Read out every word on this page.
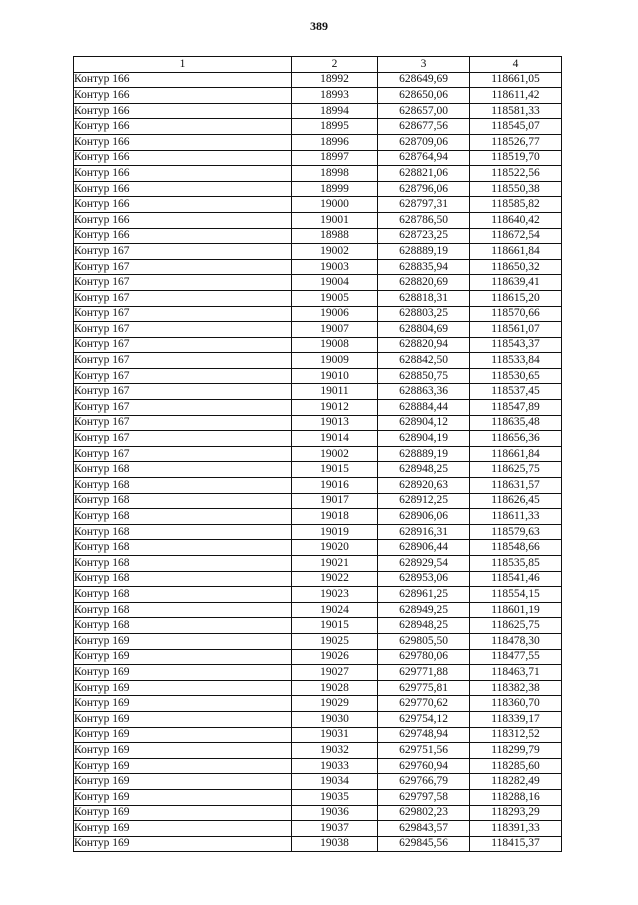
389
1	2	3	4
Контур 166	18992	628649,69	118661,05
Контур 166	18993	628650,06	118611,42
Контур 166	18994	628657,00	118581,33
Контур 166	18995	628677,56	118545,07
Контур 166	18996	628709,06	118526,77
Контур 166	18997	628764,94	118519,70
Контур 166	18998	628821,06	118522,56
Контур 166	18999	628796,06	118550,38
Контур 166	19000	628797,31	118585,82
Контур 166	19001	628786,50	118640,42
Контур 166	18988	628723,25	118672,54
Контур 167	19002	628889,19	118661,84
Контур 167	19003	628835,94	118650,32
Контур 167	19004	628820,69	118639,41
Контур 167	19005	628818,31	118615,20
Контур 167	19006	628803,25	118570,66
Контур 167	19007	628804,69	118561,07
Контур 167	19008	628820,94	118543,37
Контур 167	19009	628842,50	118533,84
Контур 167	19010	628850,75	118530,65
Контур 167	19011	628863,36	118537,45
Контур 167	19012	628884,44	118547,89
Контур 167	19013	628904,12	118635,48
Контур 167	19014	628904,19	118656,36
Контур 167	19002	628889,19	118661,84
Контур 168	19015	628948,25	118625,75
Контур 168	19016	628920,63	118631,57
Контур 168	19017	628912,25	118626,45
Контур 168	19018	628906,06	118611,33
Контур 168	19019	628916,31	118579,63
Контур 168	19020	628906,44	118548,66
Контур 168	19021	628929,54	118535,85
Контур 168	19022	628953,06	118541,46
Контур 168	19023	628961,25	118554,15
Контур 168	19024	628949,25	118601,19
Контур 168	19015	628948,25	118625,75
Контур 169	19025	629805,50	118478,30
Контур 169	19026	629780,06	118477,55
Контур 169	19027	629771,88	118463,71
Контур 169	19028	629775,81	118382,38
Контур 169	19029	629770,62	118360,70
Контур 169	19030	629754,12	118339,17
Контур 169	19031	629748,94	118312,52
Контур 169	19032	629751,56	118299,79
Контур 169	19033	629760,94	118285,60
Контур 169	19034	629766,79	118282,49
Контур 169	19035	629797,58	118288,16
Контур 169	19036	629802,23	118293,29
Контур 169	19037	629843,57	118391,33
Контур 169	19038	629845,56	118415,37
